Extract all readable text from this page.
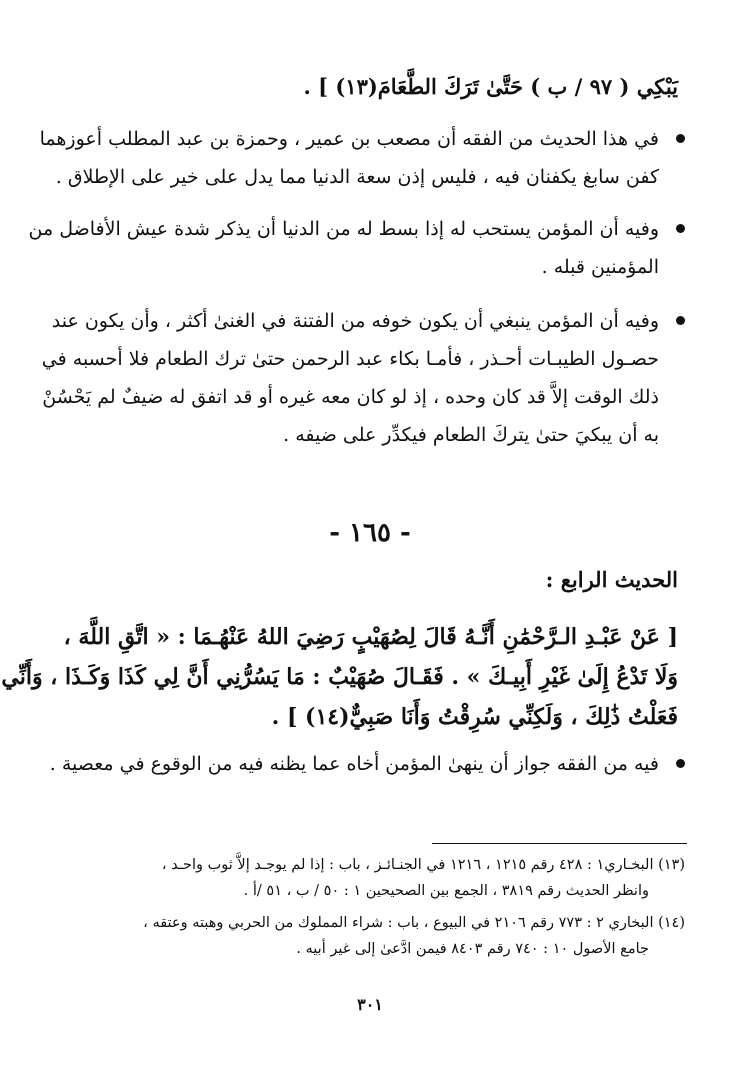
يَبْكِي ( ٩٧ / ب ) حَتَّىٰ تَرَكَ الطَّعَامَ(١٣) ] .
في هذا الحديث من الفقه أن مصعب بن عمير ، وحمزة بن عبد المطلب أعوزهما
كفن سابغ يكفنان فيه ، فليس إذن سعة الدنيا مما يدل على خير على الإطلاق .
وفيه أن المؤمن يستحب له إذا بسط له من الدنيا أن يذكر شدة عيش الأفاضل من
المؤمنين قبله .
وفيه أن المؤمن ينبغي أن يكون خوفه من الفتنة في الغنىٰ أكثر ، وأن يكون عند
حصـول الطيبـات أحـذر ، فأمـا بكاء عبد الرحمن حتىٰ ترك الطعام فلا أحسبه في
ذلك الوقت إلاَّ قد كان وحده ، إذ لو كان معه غيره أو قد اتفق له ضيفٌ لم يَحْسُنْ
به أن يبكيَ حتىٰ يتركَ الطعام فيكدِّر على ضيفه .
- ١٦٥ -
الحديث الرابع :
[ عَنْ عَبْـدِ الـرَّحْمَٰنِ أَنَّـهُ قَالَ لِصُهَيْبٍ رَضِيَ اللهُ عَنْهُـمَا : « اتَّقِ اللَّهَ ،
وَلَا تَدْعُ إِلَىٰ غَيْرِ أَبِيـكَ » . فَقَـالَ صُهَيْبٌ : مَا يَسُرُّنِي أَنَّ لِي كَذَا وَكَـذَا ، وَأَنِّي
فَعَلْتُ ذَٰلِكَ ، وَلَكِنِّي سُرِقْتُ وَأَنَا صَبِيٌّ(١٤) ] .
فيه من الفقه جواز أن ينهىٰ المؤمن أخاه عما يظنه فيه من الوقوع في معصية .
(١٣) البخـاري١ : ٤٢٨ رقم ١٢١٥ ، ١٢١٦ في الجنـائـز ، باب : إذا لم يوجـد إلاَّ ثوب واحـد ،
وانظر الحديث رقم ٣٨١٩ ، الجمع بين الصحيحين ١ : ٥٠ / ب ، ٥١ /أ .
(١٤) البخاري ٢ : ٧٧٣ رقم ٢١٠٦ في البيوع ، باب : شراء المملوك من الحربي وهبته وعتقه ،
جامع الأصول ١٠ : ٧٤٠ رقم ٨٤٠٣ فيمن ادَّعىٰ إلى غير أبيه .
٣٠١
